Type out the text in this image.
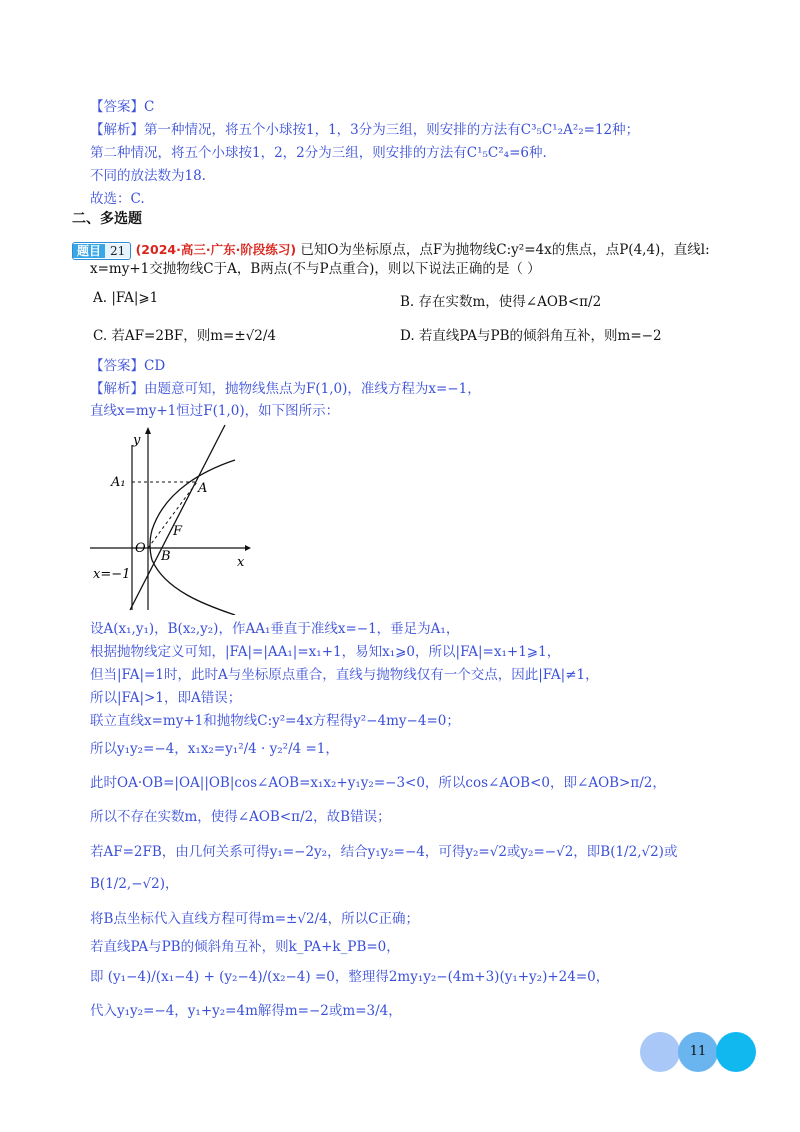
【答案】C
【解析】第一种情况，将五个小球按1，1，3分为三组，则安排的方法有C³₅C¹₂A²₂=12种；
第二种情况，将五个小球按1，2，2分为三组，则安排的方法有C¹₅C²₄=6种.
不同的放法数为18.
故选：C.
二、多选题
题目 21 (2024·高三·广东·阶段练习) 已知O为坐标原点，点F为抛物线C:y²=4x的焦点，点P(4,4)，直线l:
x=my+1交抛物线C于A，B两点(不与P点重合)，则以下说法正确的是（ ）
A. |FA|⩾1	B. 存在实数m，使得∠AOB<π/2
C. 若AF=2BF，则m=±√2/4	D. 若直线PA与PB的倾斜角互补，则m=−2
【答案】CD
【解析】由题意可知，抛物线焦点为F(1,0)，准线方程为x=−1，
直线x=my+1恒过F(1,0)，如下图所示：
y
x
A₁	A
F
O
B
x=−1
设A(x₁,y₁)，B(x₂,y₂)，作AA₁垂直于准线x=−1，垂足为A₁，
根据抛物线定义可知，|FA|=|AA₁|=x₁+1，易知x₁⩾0，所以|FA|=x₁+1⩾1，
但当|FA|=1时，此时A与坐标原点重合，直线与抛物线仅有一个交点，因此|FA|≠1，
所以|FA|>1，即A错误；
联立直线x=my+1和抛物线C:y²=4x方程得y²−4my−4=0；
所以y₁y₂=−4，x₁x₂=y₁²/4 · y₂²/4 =1，
此时OA·OB=|OA||OB|cos∠AOB=x₁x₂+y₁y₂=−3<0，所以cos∠AOB<0，即∠AOB>π/2，
所以不存在实数m，使得∠AOB<π/2，故B错误；
若AF=2FB，由几何关系可得y₁=−2y₂，结合y₁y₂=−4，可得y₂=√2或y₂=−√2，即B(1/2,√2)或
B(1/2,−√2)，
将B点坐标代入直线方程可得m=±√2/4，所以C正确；
若直线PA与PB的倾斜角互补，则k_PA+k_PB=0，
即 (y₁−4)/(x₁−4) + (y₂−4)/(x₂−4) =0，整理得2my₁y₂−(4m+3)(y₁+y₂)+24=0，
代入y₁y₂=−4，y₁+y₂=4m解得m=−2或m=3/4，
11
